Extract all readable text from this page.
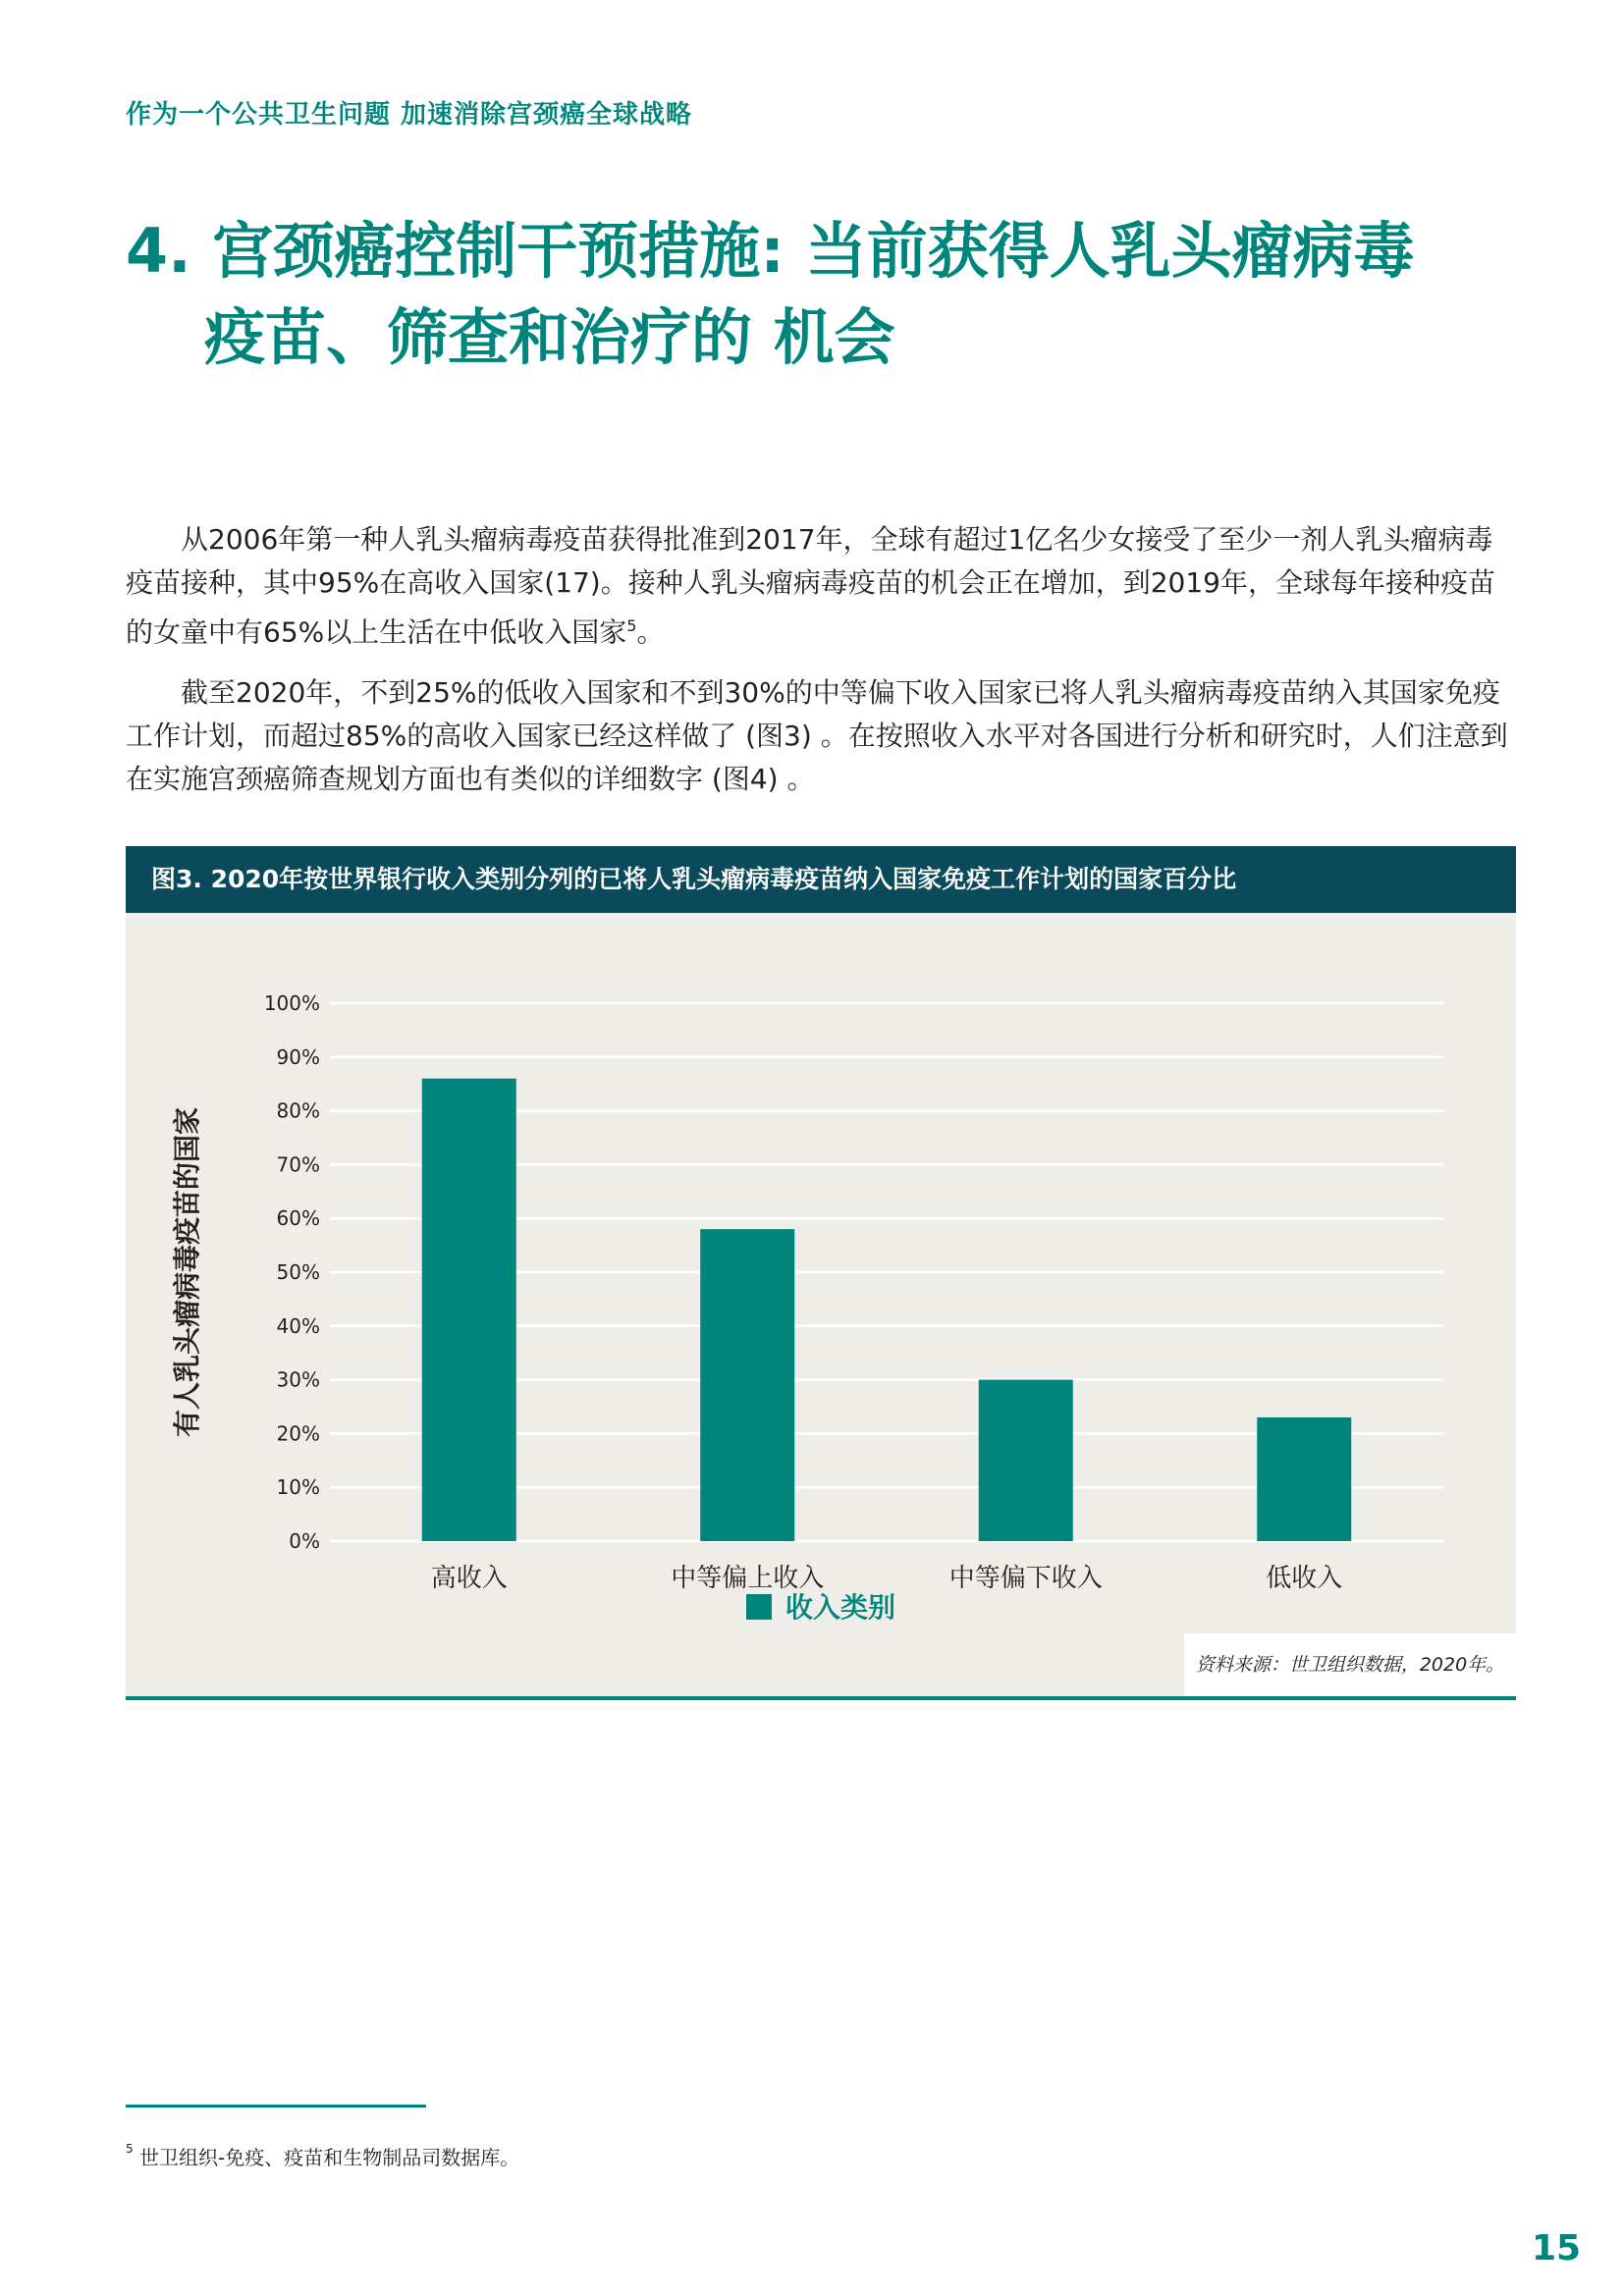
作为一个公共卫生问题 加速消除宫颈癌全球战略
4. 宫颈癌控制干预措施: 当前获得人乳头瘤病毒
疫苗、筛查和治疗的 机会

从2006年第一种人乳头瘤病毒疫苗获得批准到2017年，全球有超过1亿名少女接受了至少一剂人乳头瘤病毒疫苗接种，其中95%在高收入国家(17)。接种人乳头瘤病毒疫苗的机会正在增加，到2019年，全球每年接种疫苗的女童中有65%以上生活在中低收入国家$^5$。

截至2020年，不到25%的低收入国家和不到30%的中等偏下收入国家已将人乳头瘤病毒疫苗纳入其国家免疫工作计划，而超过85%的高收入国家已经这样做了 (图3) 。在按照收入水平对各国进行分析和研究时，人们注意到在实施宫颈癌筛查规划方面也有类似的详细数字 (图4) 。

图3. 2020年按世界银行收入类别分列的已将人乳头瘤病毒疫苗纳入国家免疫工作计划的国家百分比
0%
10%
20%
30%
40%
50%
60%
70%
80%
90%
100%
高收入	中等偏上收入	中等偏下收入	低收入
有人乳头瘤病毒疫苗的国家
收入类别
资料来源：世卫组织数据，2020年。
$^5$ 世卫组织-免疫、疫苗和生物制品司数据库。
15
